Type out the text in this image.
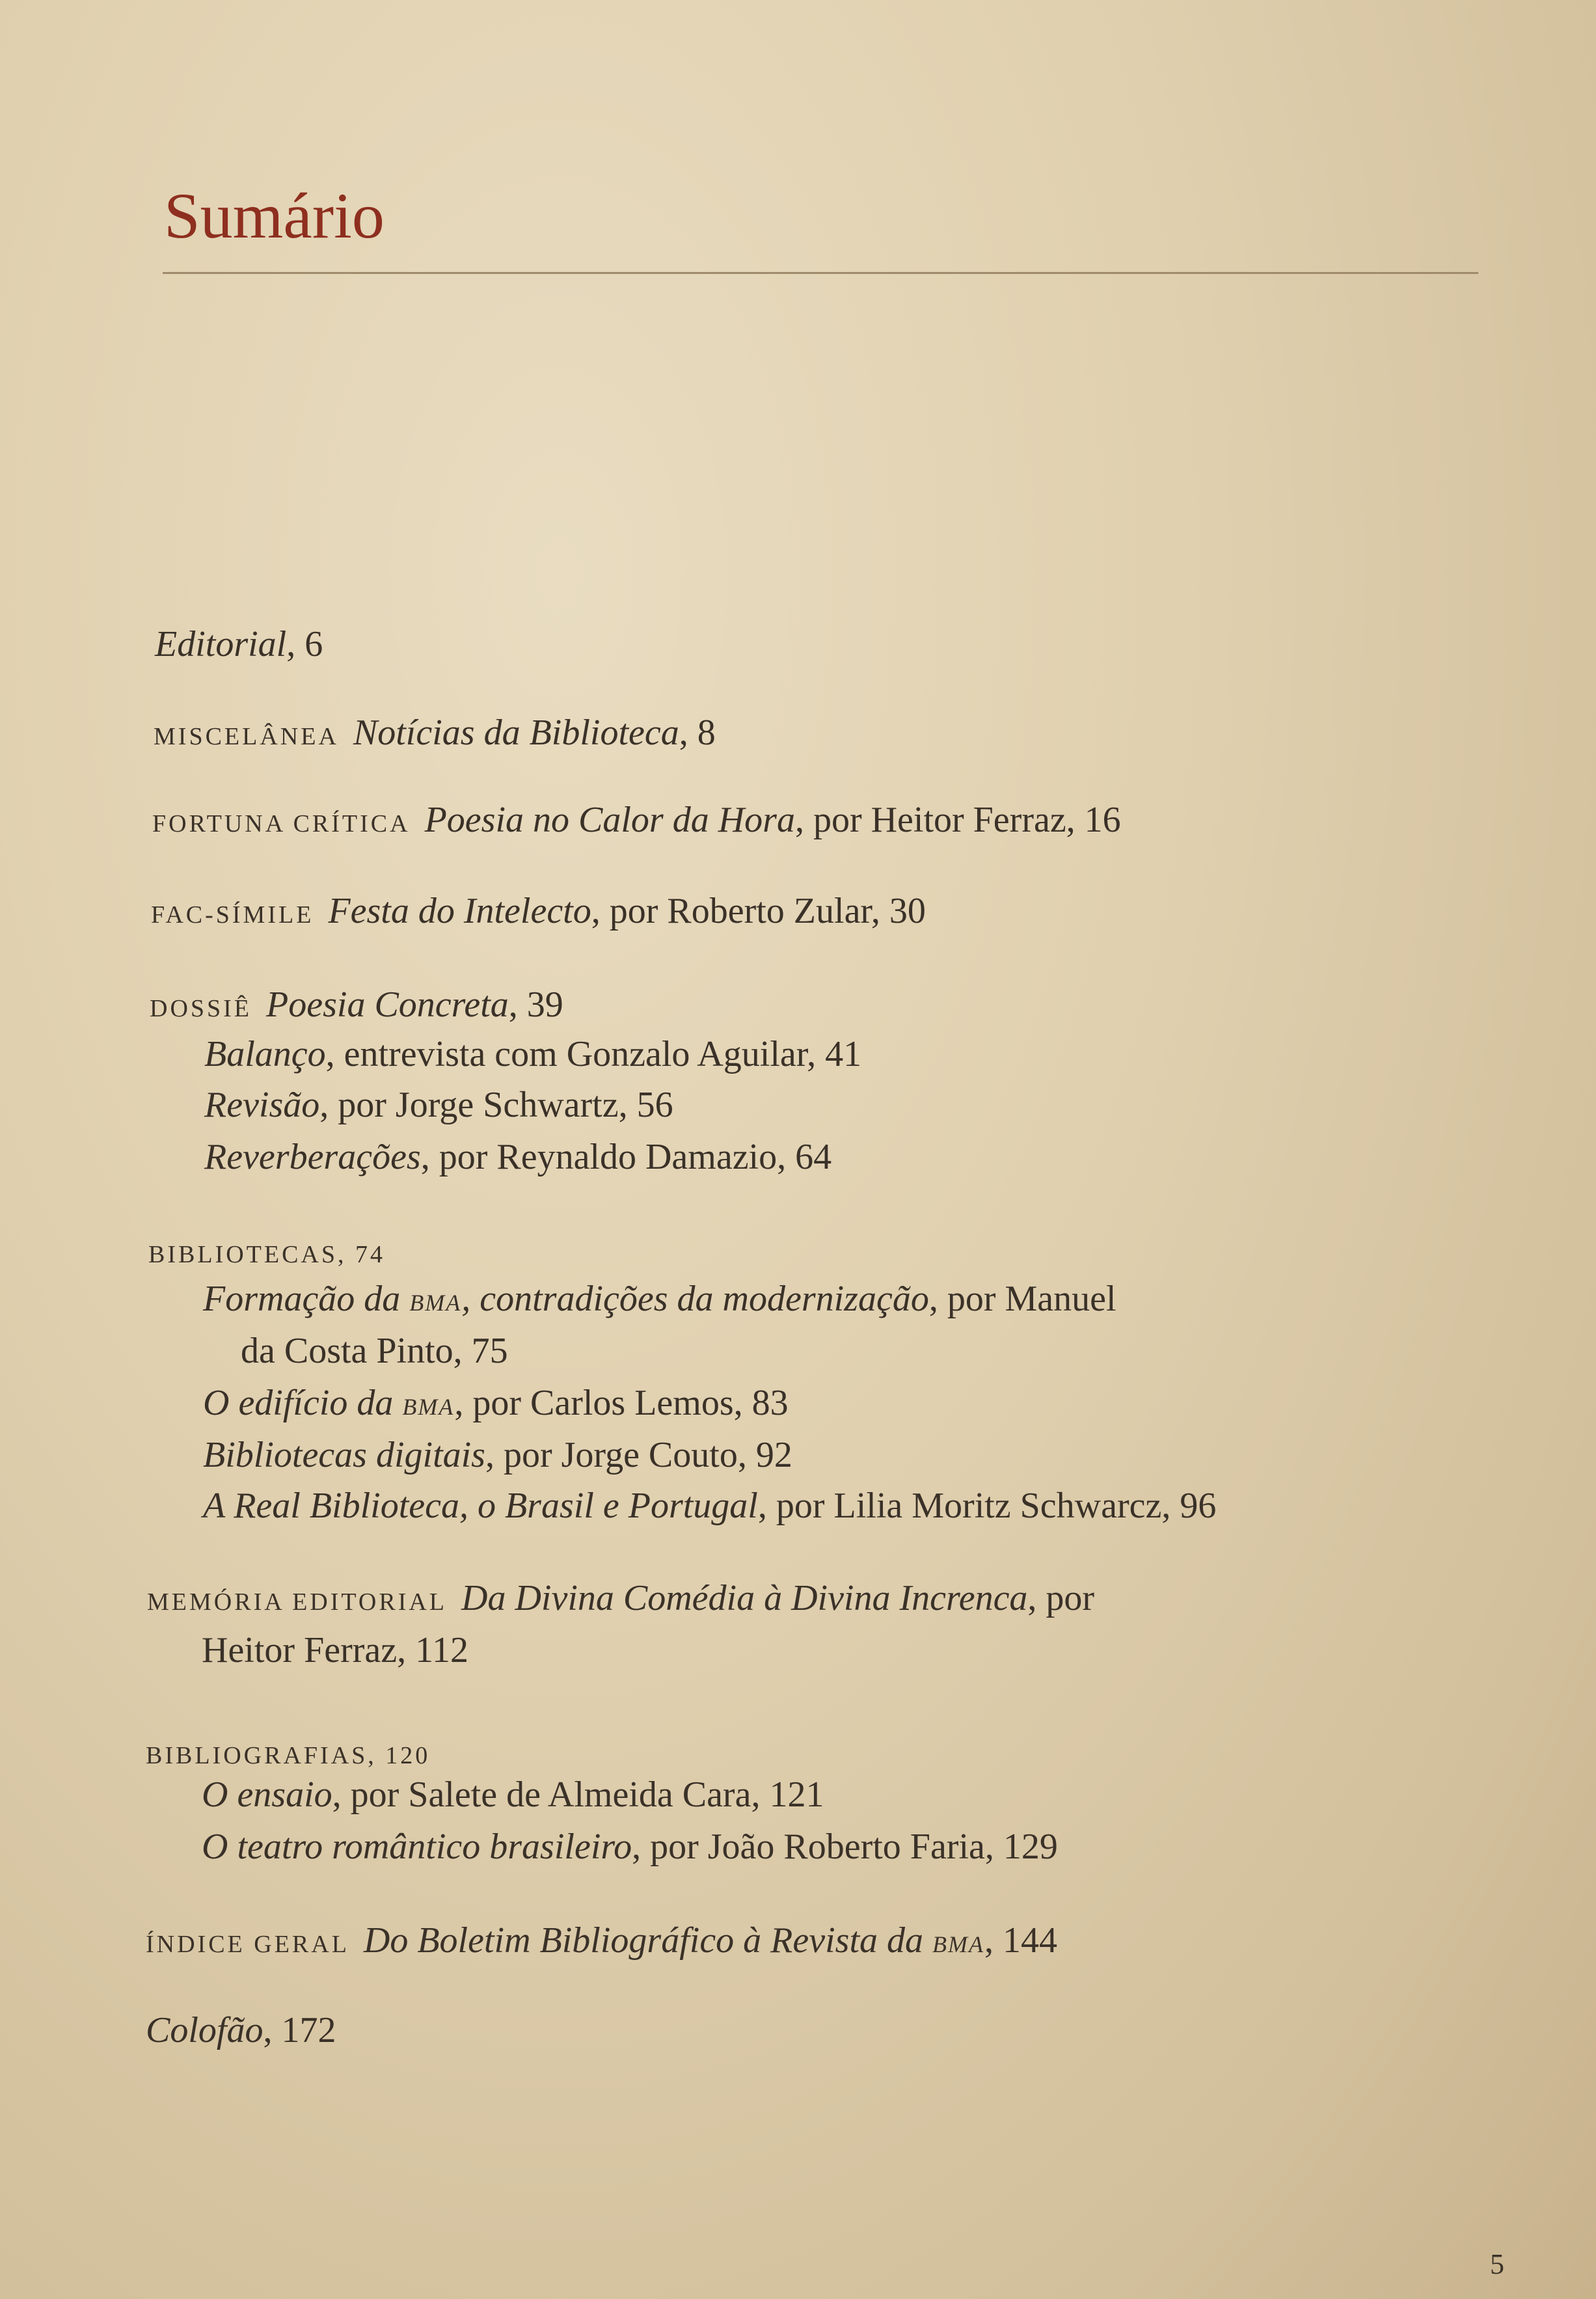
Sumário
Editorial, 6
MISCELÂNEA Notícias da Biblioteca, 8
FORTUNA CRÍTICA Poesia no Calor da Hora, por Heitor Ferraz, 16
FAC-SÍMILE Festa do Intelecto, por Roberto Zular, 30
DOSSIÊ Poesia Concreta, 39
Balanço, entrevista com Gonzalo Aguilar, 41
Revisão, por Jorge Schwartz, 56
Reverberações, por Reynaldo Damazio, 64
BIBLIOTECAS, 74
Formação da BMA, contradições da modernização, por Manuel
da Costa Pinto, 75
O edifício da BMA, por Carlos Lemos, 83
Bibliotecas digitais, por Jorge Couto, 92
A Real Biblioteca, o Brasil e Portugal, por Lilia Moritz Schwarcz, 96
MEMÓRIA EDITORIAL Da Divina Comédia à Divina Increnca, por
Heitor Ferraz, 112
BIBLIOGRAFIAS, 120
O ensaio, por Salete de Almeida Cara, 121
O teatro romântico brasileiro, por João Roberto Faria, 129
ÍNDICE GERAL Do Boletim Bibliográfico à Revista da BMA, 144
Colofão, 172
5
